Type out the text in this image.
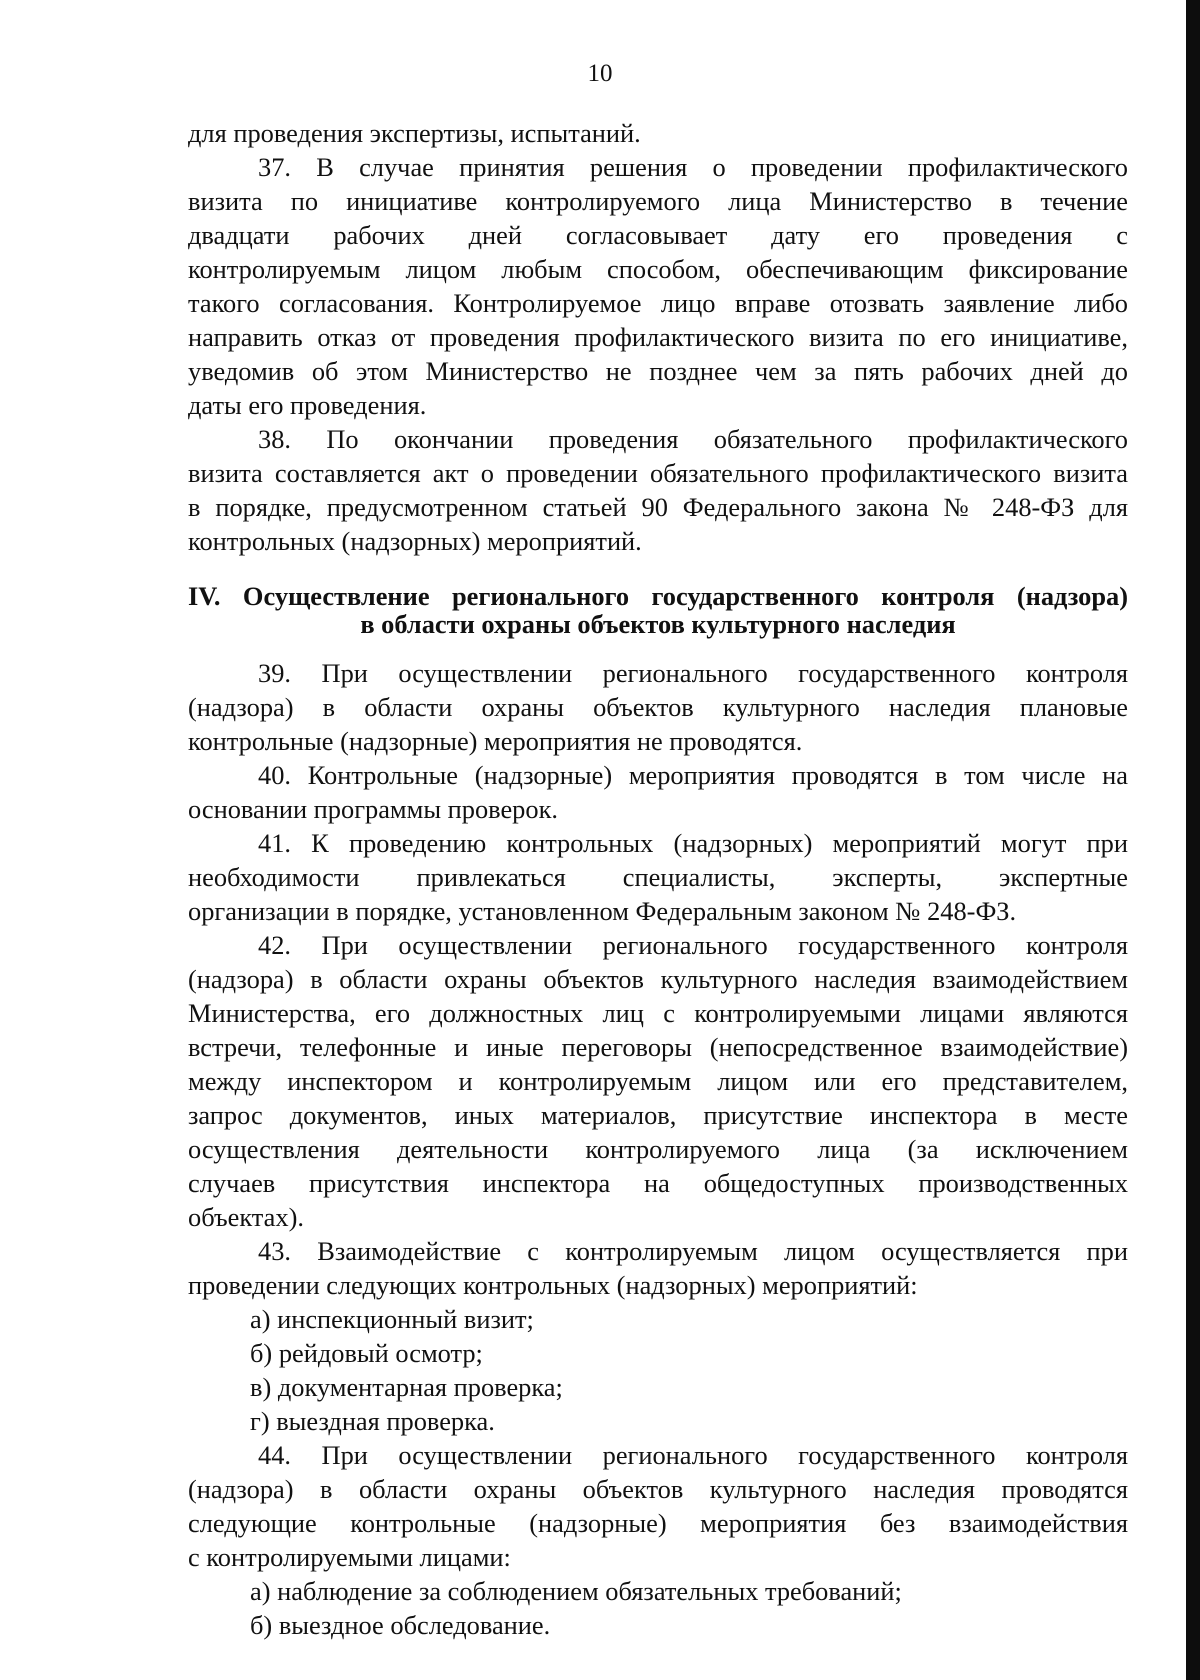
10

для проведения экспертизы, испытаний.

37. В случае принятия решения о проведении профилактического
визита по инициативе контролируемого лица Министерство в течение
двадцати рабочих дней согласовывает дату его проведения с
контролируемым лицом любым способом, обеспечивающим фиксирование
такого согласования. Контролируемое лицо вправе отозвать заявление либо
направить отказ от проведения профилактического визита по его инициативе,
уведомив об этом Министерство не позднее чем за пять рабочих дней до
даты его проведения.

38. По окончании проведения обязательного профилактического
визита составляется акт о проведении обязательного профилактического визита
в порядке, предусмотренном статьей 90 Федерального закона № 248-ФЗ для
контрольных (надзорных) мероприятий.

IV. Осуществление регионального государственного контроля (надзора)
в области охраны объектов культурного наследия

39. При осуществлении регионального государственного контроля
(надзора) в области охраны объектов культурного наследия плановые
контрольные (надзорные) мероприятия не проводятся.

40. Контрольные (надзорные) мероприятия проводятся в том числе на
основании программы проверок.

41. К проведению контрольных (надзорных) мероприятий могут при
необходимости привлекаться специалисты, эксперты, экспертные
организации в порядке, установленном Федеральным законом № 248-ФЗ.

42. При осуществлении регионального государственного контроля
(надзора) в области охраны объектов культурного наследия взаимодействием
Министерства, его должностных лиц с контролируемыми лицами являются
встречи, телефонные и иные переговоры (непосредственное взаимодействие)
между инспектором и контролируемым лицом или его представителем,
запрос документов, иных материалов, присутствие инспектора в месте
осуществления деятельности контролируемого лица (за исключением
случаев присутствия инспектора на общедоступных производственных
объектах).

43. Взаимодействие с контролируемым лицом осуществляется при
проведении следующих контрольных (надзорных) мероприятий:

а) инспекционный визит;

б) рейдовый осмотр;

в) документарная проверка;

г) выездная проверка.

44. При осуществлении регионального государственного контроля
(надзора) в области охраны объектов культурного наследия проводятся
следующие контрольные (надзорные) мероприятия без взаимодействия
с контролируемыми лицами:

а) наблюдение за соблюдением обязательных требований;

б) выездное обследование.
